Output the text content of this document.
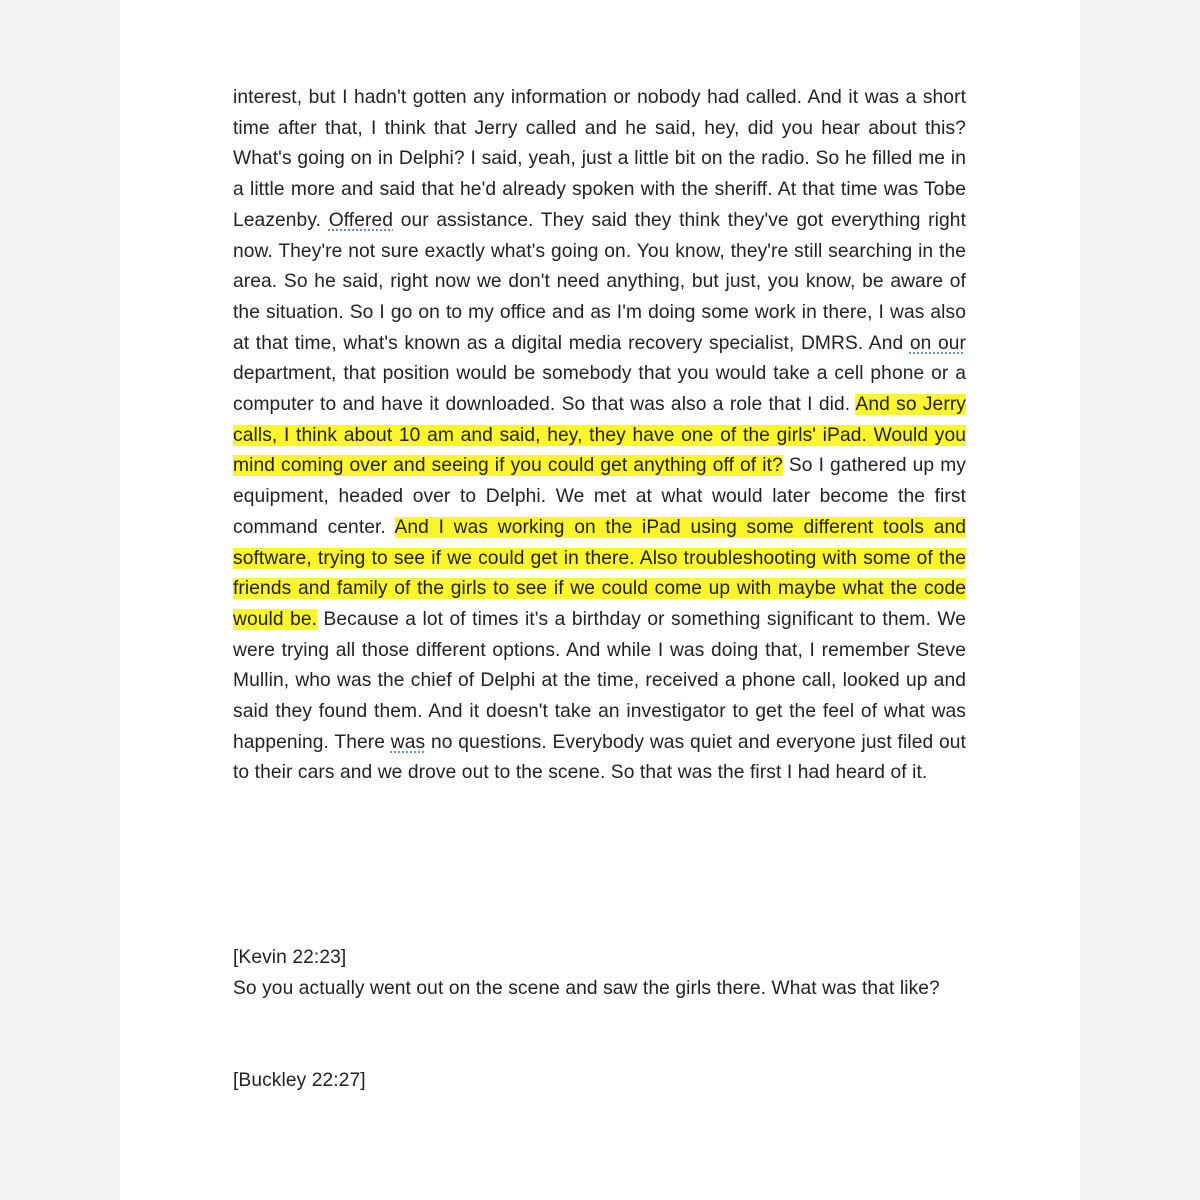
interest, but I hadn't gotten any information or nobody had called. And it was a short time after that, I think that Jerry called and he said, hey, did you hear about this? What's going on in Delphi? I said, yeah, just a little bit on the radio. So he filled me in a little more and said that he'd already spoken with the sheriff. At that time was Tobe Leazenby. Offered our assistance. They said they think they've got everything right now. They're not sure exactly what's going on. You know, they're still searching in the area. So he said, right now we don't need anything, but just, you know, be aware of the situation. So I go on to my office and as I'm doing some work in there, I was also at that time, what's known as a digital media recovery specialist, DMRS. And on our department, that position would be somebody that you would take a cell phone or a computer to and have it downloaded. So that was also a role that I did. And so Jerry calls, I think about 10 am and said, hey, they have one of the girls' iPad. Would you mind coming over and seeing if you could get anything off of it? So I gathered up my equipment, headed over to Delphi. We met at what would later become the first command center. And I was working on the iPad using some different tools and software, trying to see if we could get in there. Also troubleshooting with some of the friends and family of the girls to see if we could come up with maybe what the code would be. Because a lot of times it's a birthday or something significant to them. We were trying all those different options. And while I was doing that, I remember Steve Mullin, who was the chief of Delphi at the time, received a phone call, looked up and said they found them. And it doesn't take an investigator to get the feel of what was happening. There was no questions. Everybody was quiet and everyone just filed out to their cars and we drove out to the scene. So that was the first I had heard of it.
[Kevin 22:23]
So you actually went out on the scene and saw the girls there. What was that like?
[Buckley 22:27]
